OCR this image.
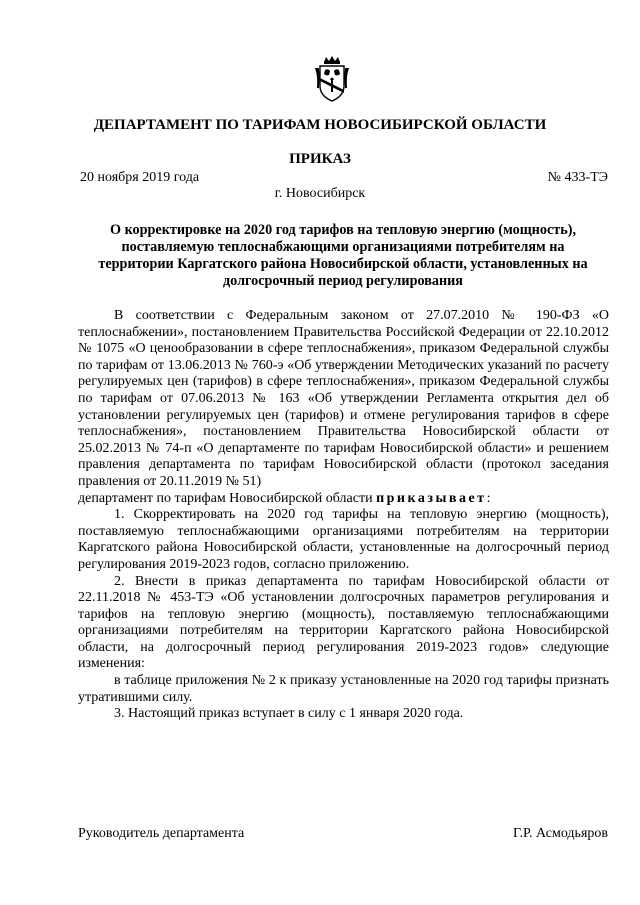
ДЕПАРТАМЕНТ ПО ТАРИФАМ НОВОСИБИРСКОЙ ОБЛАСТИ
ПРИКАЗ
20 ноября 2019 года	№ 433-ТЭ
г. Новосибирск
О корректировке на 2020 год тарифов на тепловую энергию (мощность),
поставляемую теплоснабжающими организациями потребителям на
территории Каргатского района Новосибирской области, установленных на
долгосрочный период регулирования

В соответствии с Федеральным законом от 27.07.2010 № 190-ФЗ «О теплоснабжении», постановлением Правительства Российской Федерации от 22.10.2012 № 1075 «О ценообразовании в сфере теплоснабжения», приказом Федеральной службы по тарифам от 13.06.2013 № 760-э «Об утверждении Методических указаний по расчету регулируемых цен (тарифов) в сфере теплоснабжения», приказом Федеральной службы по тарифам от 07.06.2013 № 163 «Об утверждении Регламента открытия дел об установлении регулируемых цен (тарифов) и отмене регулирования тарифов в сфере теплоснабжения», постановлением Правительства Новосибирской области от 25.02.2013 № 74-п «О департаменте по тарифам Новосибирской области» и решением правления департамента по тарифам Новосибирской области (протокол заседания правления от 20.11.2019 № 51)

департамент по тарифам Новосибирской области приказывает:

1. Скорректировать на 2020 год тарифы на тепловую энергию (мощность), поставляемую теплоснабжающими организациями потребителям на территории Каргатского района Новосибирской области, установленные на долгосрочный период регулирования 2019-2023 годов, согласно приложению.

2. Внести в приказ департамента по тарифам Новосибирской области от 22.11.2018 № 453-ТЭ «Об установлении долгосрочных параметров регулирования и тарифов на тепловую энергию (мощность), поставляемую теплоснабжающими организациями потребителям на территории Каргатского района Новосибирской области, на долгосрочный период регулирования 2019-2023 годов» следующие изменения:

в таблице приложения № 2 к приказу установленные на 2020 год тарифы признать утратившими силу.

3. Настоящий приказ вступает в силу с 1 января 2020 года.

Руководитель департамента	Г.Р. Асмодьяров
